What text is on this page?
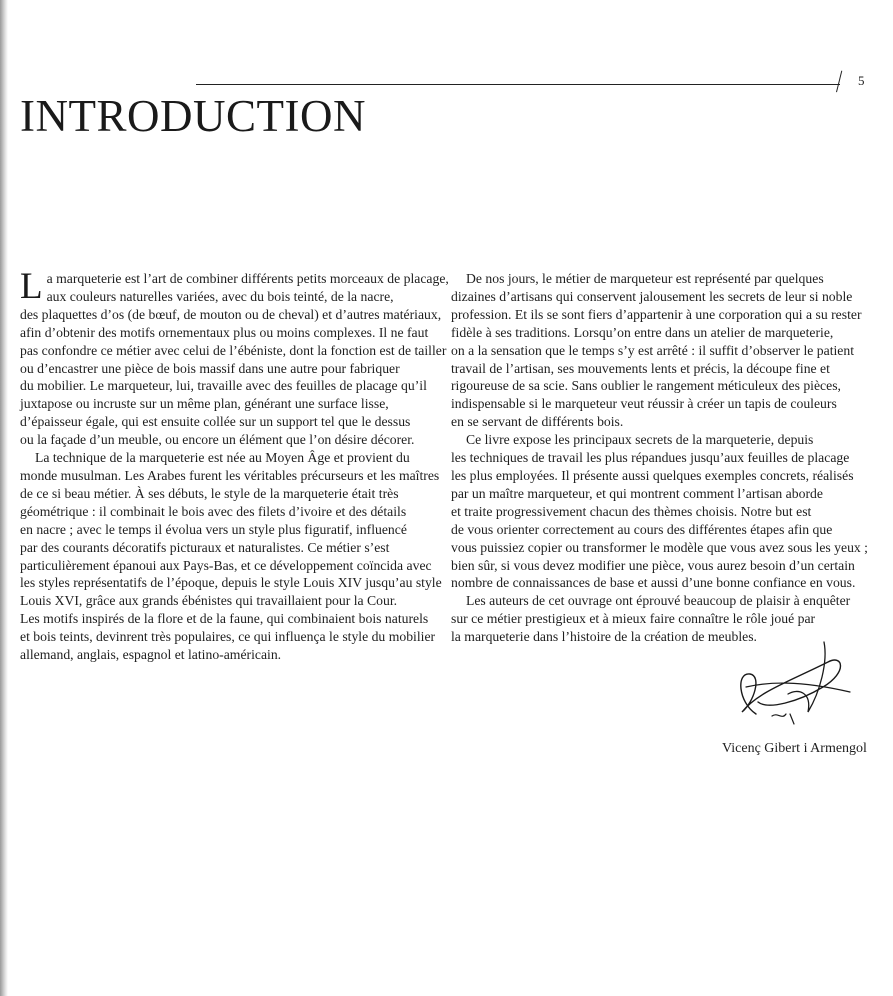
5
INTRODUCTION
L a marqueterie est l’art de combiner différents petits morceaux de placage,
aux couleurs naturelles variées, avec du bois teinté, de la nacre,
des plaquettes d’os (de bœuf, de mouton ou de cheval) et d’autres matériaux,
afin d’obtenir des motifs ornementaux plus ou moins complexes. Il ne faut
pas confondre ce métier avec celui de l’ébéniste, dont la fonction est de tailler
ou d’encastrer une pièce de bois massif dans une autre pour fabriquer
du mobilier. Le marqueteur, lui, travaille avec des feuilles de placage qu’il
juxtapose ou incruste sur un même plan, générant une surface lisse,
d’épaisseur égale, qui est ensuite collée sur un support tel que le dessus
ou la façade d’un meuble, ou encore un élément que l’on désire décorer.
La technique de la marqueterie est née au Moyen Âge et provient du
monde musulman. Les Arabes furent les véritables précurseurs et les maîtres
de ce si beau métier. À ses débuts, le style de la marqueterie était très
géométrique : il combinait le bois avec des filets d’ivoire et des détails
en nacre ; avec le temps il évolua vers un style plus figuratif, influencé
par des courants décoratifs picturaux et naturalistes. Ce métier s’est
particulièrement épanoui aux Pays-Bas, et ce développement coïncida avec
les styles représentatifs de l’époque, depuis le style Louis XIV jusqu’au style
Louis XVI, grâce aux grands ébénistes qui travaillaient pour la Cour.
Les motifs inspirés de la flore et de la faune, qui combinaient bois naturels
et bois teints, devinrent très populaires, ce qui influença le style du mobilier
allemand, anglais, espagnol et latino-américain.
De nos jours, le métier de marqueteur est représenté par quelques
dizaines d’artisans qui conservent jalousement les secrets de leur si noble
profession. Et ils se sont fiers d’appartenir à une corporation qui a su rester
fidèle à ses traditions. Lorsqu’on entre dans un atelier de marqueterie,
on a la sensation que le temps s’y est arrêté : il suffit d’observer le patient
travail de l’artisan, ses mouvements lents et précis, la découpe fine et
rigoureuse de sa scie. Sans oublier le rangement méticuleux des pièces,
indispensable si le marqueteur veut réussir à créer un tapis de couleurs
en se servant de différents bois.
Ce livre expose les principaux secrets de la marqueterie, depuis
les techniques de travail les plus répandues jusqu’aux feuilles de placage
les plus employées. Il présente aussi quelques exemples concrets, réalisés
par un maître marqueteur, et qui montrent comment l’artisan aborde
et traite progressivement chacun des thèmes choisis. Notre but est
de vous orienter correctement au cours des différentes étapes afin que
vous puissiez copier ou transformer le modèle que vous avez sous les yeux ;
bien sûr, si vous devez modifier une pièce, vous aurez besoin d’un certain
nombre de connaissances de base et aussi d’une bonne confiance en vous.
Les auteurs de cet ouvrage ont éprouvé beaucoup de plaisir à enquêter
sur ce métier prestigieux et à mieux faire connaître le rôle joué par
la marqueterie dans l’histoire de la création de meubles.
Vicenç Gibert i Armengol
